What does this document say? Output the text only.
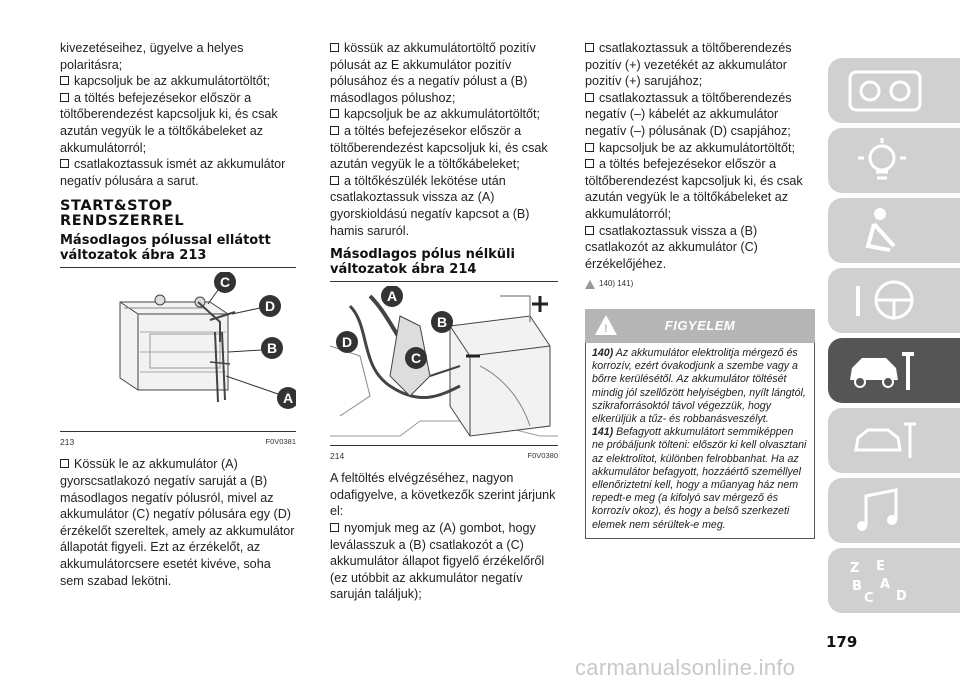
kivezetéseihez, ügyelve a helyes polaritásra;

kapcsoljuk be az akkumulátortöltőt;

a töltés befejezésekor először a töltőberendezést kapcsoljuk ki, és csak azután vegyük le a töltőkábeleket az akkumulátorról;

csatlakoztassuk ismét az akkumulátor negatív pólusára a sarut.

START&STOP RENDSZERREL
Másodlagos pólussal ellátott változatok ábra 213
C
D
B
A
213	F0V0381

Kössük le az akkumulátor (A) gyorscsatlakozó negatív saruját a (B) másodlagos negatív pólusról, mivel az akkumulátor (C) negatív pólusára egy (D) érzékelőt szereltek, amely az akkumulátor állapotát figyeli. Ezt az érzékelőt, az akkumulátorcsere esetét kivéve, soha sem szabad lekötni.

kössük az akkumulátortöltő pozitív pólusát az E akkumulátor pozitív pólusához és a negatív pólust a (B) másodlagos pólushoz;

kapcsoljuk be az akkumulátortöltőt;

a töltés befejezésekor először a töltőberendezést kapcsoljuk ki, és csak azután vegyük le a töltőkábeleket;

a töltőkészülék lekötése után csatlakoztassuk vissza az (A) gyorskioldású negatív kapcsot a (B) hamis saruról.

Másodlagos pólus nélküli változatok ábra 214
A
B
D
C
214	F0V0380

A feltöltés elvégzéséhez, nagyon odafigyelve, a következők szerint járjunk el:

nyomjuk meg az (A) gombot, hogy leválasszuk a (B) csatlakozót a (C) akkumulátor állapot figyelő érzékelőről (ez utóbbit az akkumulátor negatív saruján találjuk);

csatlakoztassuk a töltőberendezés pozitív (+) vezetékét az akkumulátor pozitív (+) sarujához;

csatlakoztassuk a töltőberendezés negatív (–) kábelét az akkumulátor negatív (–) pólusának (D) csapjához;

kapcsoljuk be az akkumulátortöltőt;

a töltés befejezésekor először a töltőberendezést kapcsoljuk ki, és csak azután vegyük le a töltőkábeleket az akkumulátorról;

csatlakoztassuk vissza a (B) csatlakozót az akkumulátor (C) érzékelőjéhez.

140) 141)
!	FIGYELEM

140) Az akkumulátor elektrolitja mérgező és korrozív, ezért óvakodjunk a szembe vagy a bőrre kerülésétől. Az akkumulátor töltését mindig jól szellőzött helyiségben, nyílt lángtól, szikraforrásoktól távol végezzük, hogy elkerüljük a tűz- és robbanásveszélyt.

141) Befagyott akkumulátort semmiképpen ne próbáljunk tölteni: először ki kell olvasztani az elektrolitot, különben felrobbanhat. Ha az akkumulátor befagyott, hozzáértő személlyel ellenőriztetni kell, hogy a műanyag ház nem repedt-e meg (a kifolyó sav mérgező és korrozív okoz), és hogy a belső szerkezeti elemek nem sérültek-e meg.

Z E
B A
C D
179
carmanualsonline.info
